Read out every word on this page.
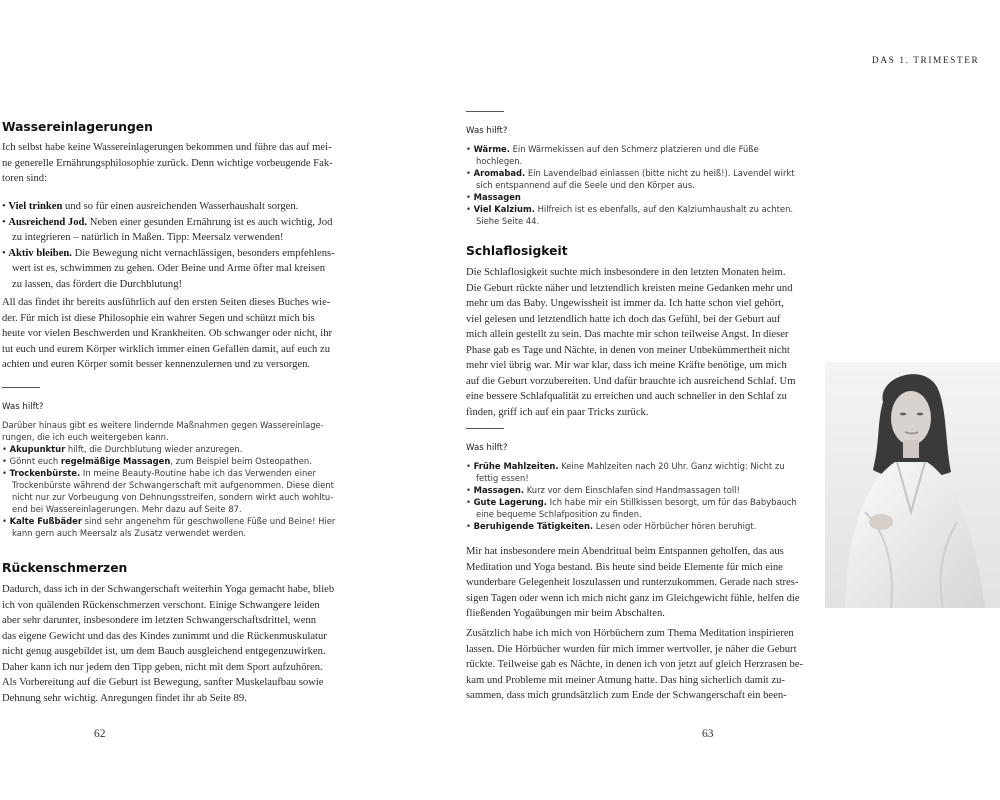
DAS 1. TRIMESTER
Wassereinlagerungen
Ich selbst habe keine Wassereinlagerungen bekommen und führe das auf mei-
ne generelle Ernährungsphilosophie zurück. Denn wichtige vorbeugende Fak-
toren sind:
• Viel trinken und so für einen ausreichenden Wasserhaushalt sorgen.
• Ausreichend Jod. Neben einer gesunden Ernährung ist es auch wichtig, Jod
zu integrieren – natürlich in Maßen. Tipp: Meersalz verwenden!
• Aktiv bleiben. Die Bewegung nicht vernachlässigen, besonders empfehlens-
wert ist es, schwimmen zu gehen. Oder Beine und Arme öfter mal kreisen
zu lassen, das fördert die Durchblutung!
All das findet ihr bereits ausführlich auf den ersten Seiten dieses Buches wie-
der. Für mich ist diese Philosophie ein wahrer Segen und schützt mich bis
heute vor vielen Beschwerden und Krankheiten. Ob schwanger oder nicht, ihr
tut euch und eurem Körper wirklich immer einen Gefallen damit, auf euch zu
achten und euren Körper somit besser kennenzulernen und zu versorgen.
Was hilft?
Darüber hinaus gibt es weitere lindernde Maßnahmen gegen Wassereinlage-
rungen, die ich euch weitergeben kann.
• Akupunktur hilft, die Durchblutung wieder anzuregen.
• Gönnt euch regelmäßige Massagen, zum Beispiel beim Osteopathen.
• Trockenbürste. In meine Beauty-Routine habe ich das Verwenden einer
Trockenbürste während der Schwangerschaft mit aufgenommen. Diese dient
nicht nur zur Vorbeugung von Dehnungsstreifen, sondern wirkt auch wohltu-
end bei Wassereinlagerungen. Mehr dazu auf Seite 87.
• Kalte Fußbäder sind sehr angenehm für geschwollene Füße und Beine! Hier
kann gern auch Meersalz als Zusatz verwendet werden.
Rückenschmerzen
Dadurch, dass ich in der Schwangerschaft weiterhin Yoga gemacht habe, blieb
ich von quälenden Rückenschmerzen verschont. Einige Schwangere leiden
aber sehr darunter, insbesondere im letzten Schwangerschaftsdrittel, wenn
das eigene Gewicht und das des Kindes zunimmt und die Rückenmuskulatur
nicht genug ausgebildet ist, um dem Bauch ausgleichend entgegenzuwirken.
Daher kann ich nur jedem den Tipp geben, nicht mit dem Sport aufzuhören.
Als Vorbereitung auf die Geburt ist Bewegung, sanfter Muskelaufbau sowie
Dehnung sehr wichtig. Anregungen findet ihr ab Seite 89.
62
Was hilft?
• Wärme. Ein Wärmekissen auf den Schmerz platzieren und die Füße
hochlegen.
• Aromabad. Ein Lavendelbad einlassen (bitte nicht zu heiß!). Lavendel wirkt
sich entspannend auf die Seele und den Körper aus.
• Massagen
• Viel Kalzium. Hilfreich ist es ebenfalls, auf den Kalziumhaushalt zu achten.
Siehe Seite 44.
Schlaflosigkeit
Die Schlaflosigkeit suchte mich insbesondere in den letzten Monaten heim.
Die Geburt rückte näher und letztendlich kreisten meine Gedanken mehr und
mehr um das Baby. Ungewissheit ist immer da. Ich hatte schon viel gehört,
viel gelesen und letztendlich hatte ich doch das Gefühl, bei der Geburt auf
mich allein gestellt zu sein. Das machte mir schon teilweise Angst. In dieser
Phase gab es Tage und Nächte, in denen von meiner Unbekümmertheit nicht
mehr viel übrig war. Mir war klar, dass ich meine Kräfte benötige, um mich
auf die Geburt vorzubereiten. Und dafür brauchte ich ausreichend Schlaf. Um
eine bessere Schlafqualität zu erreichen und auch schneller in den Schlaf zu
finden, griff ich auf ein paar Tricks zurück.
Was hilft?
• Frühe Mahlzeiten. Keine Mahlzeiten nach 20 Uhr. Ganz wichtig: Nicht zu
fettig essen!
• Massagen. Kurz vor dem Einschlafen sind Handmassagen toll!
• Gute Lagerung. Ich habe mir ein Stillkissen besorgt, um für das Babybauch
eine bequeme Schlafposition zu finden.
• Beruhigende Tätigkeiten. Lesen oder Hörbücher hören beruhigt.
Mir hat insbesondere mein Abendritual beim Entspannen geholfen, das aus
Meditation und Yoga bestand. Bis heute sind beide Elemente für mich eine
wunderbare Gelegenheit loszulassen und runterzukommen. Gerade nach stres-
sigen Tagen oder wenn ich mich nicht ganz im Gleichgewicht fühle, helfen die
fließenden Yogaübungen mir beim Abschalten.
Zusätzlich habe ich mich von Hörbüchern zum Thema Meditation inspirieren
lassen. Die Hörbücher wurden für mich immer wertvoller, je näher die Geburt
rückte. Teilweise gab es Nächte, in denen ich von jetzt auf gleich Herzrasen be-
kam und Probleme mit meiner Atmung hatte. Das hing sicherlich damit zu-
sammen, dass mich grundsätzlich zum Ende der Schwangerschaft ein been-
63
